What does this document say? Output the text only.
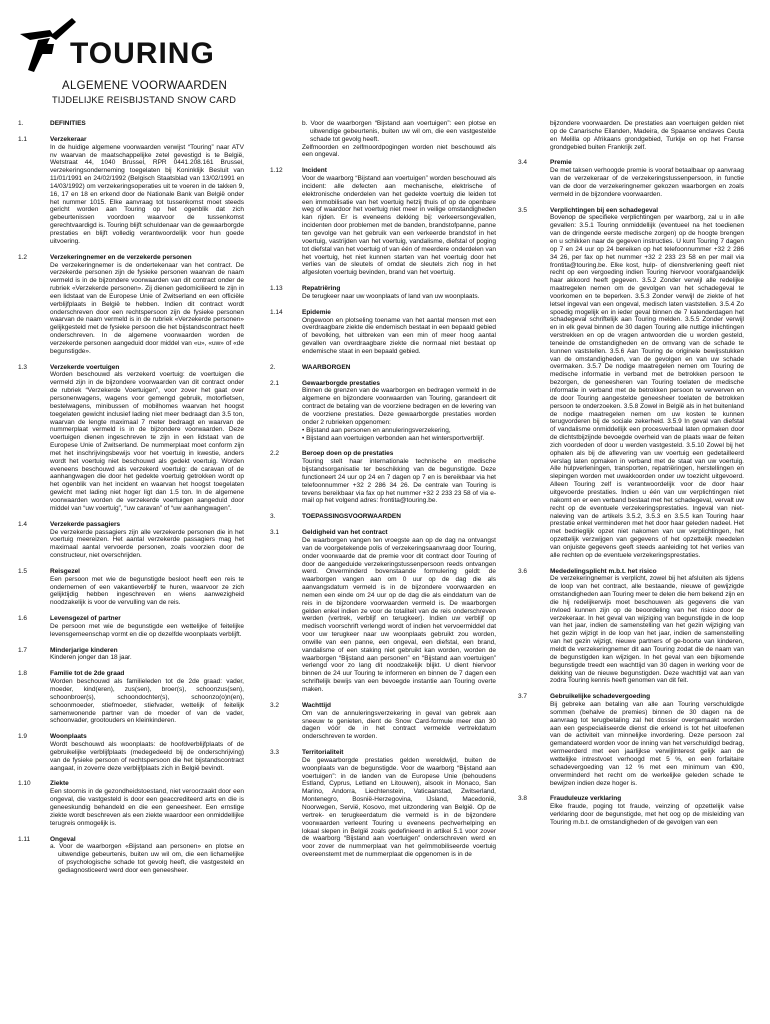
TOURING
ALGEMENE VOORWAARDEN
TIJDELIJKE REISBIJSTAND SNOW CARD
1.	DEFINITIES
1.1	Verzekeraar

In de huidige algemene voorwaarden verwijst “Touring” naar ATV nv waarvan de maatschappelijke zetel gevestigd is te België, Wetstraat 44, 1040 Brussel, RPR 0441.208.161 Brussel, verzekeringsonderneming toegelaten bij Koninklijk Besluit van 11/01/1991 en 24/02/1992 (Belgisch Staatsblad van 13/02/1991 en 14/03/1992) om verzekeringsoperaties uit te voeren in de takken 9, 16, 17 en 18 en erkend door de Nationale Bank van België onder het nummer 1015. Elke aanvraag tot tussenkomst moet steeds gericht worden aan Touring op het ogenblik dat zich gebeurtenissen voordoen waarvoor de tussenkomst gerechtvaardigd is. Touring blijft schuldenaar van de gewaarborgde prestaties en blijft volledig verantwoordelijk voor hun goede uitvoering.

1.2	Verzekeringnemer en de verzekerde personen

De verzekeringnemer is de ondertekenaar van het contract. De verzekerde personen zijn de fysieke personen waarvan de naam vermeld is in de bijzondere voorwaarden van dit contract onder de rubriek «Verzekerde personen». Zij dienen gedomicilieerd te zijn in een lidstaat van de Europese Unie of Zwitserland en een officiële verblijfplaats in België te hebben. Indien dit contract wordt onderschreven door een rechtspersoon zijn de fysieke personen waarvan de naam vermeld is in de rubriek «Verzekerde personen» gelijkgesteld met de fysieke persoon die het bijstandscontract heeft onderschreven. In de algemene voorwaarden worden de verzekerde personen aangeduid door middel van «u», «uw» of «de begunstigde».

1.3	Verzekerde voertuigen

Worden beschouwd als verzekerd voertuig: de voertuigen die vermeld zijn in de bijzondere voorwaarden van dit contract onder de rubriek “Verzekerde Voertuigen”, voor zover het gaat over personenwagens, wagens voor gemengd gebruik, motorfietsen, bestelwagens, minibussen of mobilhomes waarvan het hoogst toegelaten gewicht inclusief lading niet meer bedraagt dan 3.5 ton, waarvan de lengte maximaal 7 meter bedraagt en waarvan de nummerplaat vermeld is in de bijzondere voorwaarden. Deze voertuigen dienen ingeschreven te zijn in een lidstaat van de Europese Unie of Zwitserland. De nummerplaat moet conform zijn met het inschrijvingsbewijs voor het voertuig in kwestie, anders wordt het voertuig niet beschouwd als gedekt voertuig. Worden eveneens beschouwd als verzekerd voertuig: de caravan of de aanhangwagen die door het gedekte voertuig getrokken wordt op het ogenblik van het incident en waarvan het hoogst toegelaten gewicht met lading niet hoger ligt dan 1.5 ton. In de algemene voorwaarden worden de verzekerde voertuigen aangeduid door middel van “uw voertuig”, “uw caravan” of “uw aanhangwagen”.

1.4	Verzekerde passagiers

De verzekerde passagiers zijn alle verzekerde personen die in het voertuig meereizen. Het aantal verzekerde passagiers mag het maximaal aantal vervoerde personen, zoals voorzien door de constructeur, niet overschrijden.

1.5	Reisgezel

Een persoon met wie de begunstigde besloot heeft een reis te ondernemen of een vakantieverblijf te huren, waarvoor ze zich gelijktijdig hebben ingeschreven en wiens aanwezigheid noodzakelijk is voor de vervulling van de reis.

1.6	Levensgezel of partner

De persoon met wie de begunstigde een wettelijke of feitelijke levensgemeenschap vormt en die op dezelfde woonplaats verblijft.

1.7	Minderjarige kinderen

Kinderen jonger dan 18 jaar.

1.8	Familie tot de 2de graad

Worden beschouwd als familieleden tot de 2de graad: vader, moeder, kind(eren), zus(sen), broer(s), schoonzus(sen), schoonbroer(s), schoondochter(s), schoonzo(o)n(en), schoonmoeder, stiefmoeder, stiefvader, wettelijk of feitelijk samenwonende partner van de moeder of van de vader, schoonvader, grootouders en kleinkinderen.

1.9	Woonplaats

Wordt beschouwd als woonplaats: de hoofdverblijfplaats of de gebruikelijke verblijfplaats (medegedeeld bij de onderschrijving) van de fysieke persoon of rechtspersoon die het bijstandscontract aangaat, in zoverre deze verblijfplaats zich in België bevindt.

1.10	Ziekte

Een stoornis in de gezondheidstoestand, niet veroorzaakt door een ongeval, die vastgesteld is door een geaccrediteerd arts en die is geneeskundig behandeld en die een geneesheer. Een ernstige ziekte wordt beschreven als een ziekte waardoor een onmiddellijke terugreis onmogelijk is.

1.11	Ongeval

a. Voor de waarborgen «Bijstand aan personen» en plotse en uitwendige gebeurtenis, buiten uw wil om, die een lichamelijke of psychologische schade tot gevolg heeft, die vastgesteld en gediagnosticeerd werd door een geneesheer.

b. Voor de waarborgen “Bijstand aan voertuigen”: een plotse en uitwendige gebeurtenis, buiten uw wil om, die een vastgestelde schade tot gevolg heeft.

Zelfmoorden en zelfmoordpogingen worden niet beschouwd als een ongeval.

1.12	Incident

Voor de waarborg “Bijstand aan voertuigen” worden beschouwd als incident: alle defecten aan mechanische, elektrische of elektronische onderdelen van het gedekte voertuig die leiden tot een immobilisatie van het voertuig hetzij thuis of op de openbare weg of waardoor het voertuig niet meer in veilige omstandigheden kan rijden. Er is eveneens dekking bij: verkeersongevallen, incidenten door problemen met de banden, brandstofpanne, panne ten gevolge van het gebruik van een verkeerde brandstof in het voertuig, vastrijden van het voertuig, vandalisme, diefstal of poging tot diefstal van het voertuig of van één of meerdere onderdelen van het voertuig, het niet kunnen starten van het voertuig door het verlies van de sleutels of omdat de sleutels zich nog in het afgesloten voertuig bevinden, brand van het voertuig.

1.13	Repatriëring

De terugkeer naar uw woonplaats of land van uw woonplaats.

1.14	Epidemie

Ongewoon en plotseling toename van het aantal mensen met een overdraagbare ziekte die endemisch bestaat in een bepaald gebied of bevolking, het uitbreken van een min of meer hoog aantal gevallen van overdraagbare ziekte die normaal niet bestaat op endemische staat in een bepaald gebied.

2.	WAARBORGEN
2.1	Gewaarborgde prestaties

Binnen de grenzen van de waarborgen en bedragen vermeld in de algemene en bijzondere voorwaarden van Touring, garandeert dit contract de betaling van de voorziene bedragen en de levering van de voorziene prestaties. Deze gewaarborgde prestaties worden onder 2 rubrieken opgenomen:

• Bijstand aan personen en annuleringsverzekering,

• Bijstand aan voertuigen verbonden aan het wintersportverblijf.

2.2	Beroep doen op de prestaties

Touring stelt haar internationale technische en medische bijstandsorganisatie ter beschikking van de begunstigde. Deze functioneert 24 uur op 24 en 7 dagen op 7 en is bereikbaar via het telefoonnummer +32 2 286 34 26. De centrale van Touring is tevens bereikbaar via fax op het nummer +32 2 233 23 58 of via e-mail op het volgend adres: frontita@touring.be.

3.	TOEPASSINGSVOORWAARDEN
3.1	Geldigheid van het contract

De waarborgen vangen ten vroegste aan op de dag na ontvangst van de voorgetekende polis of verzekeringsaanvraag door Touring, onder voorwaarde dat de premie voor dit contract door Touring of door de aangeduide verzekeringstussenpersoon reeds ontvangen werd. Onverminderd bovenstaande formulering geldt: de waarborgen vangen aan om 0 uur op de dag die als aanvangsdatum vermeld is in de bijzondere voorwaarden en nemen een einde om 24 uur op de dag die als einddatum van de reis in de bijzondere voorwaarden vermeld is. De waarborgen gelden enkel indien ze voor de totaliteit van de reis onderschreven werden (vertrek, verblijf en terugkeer). Indien uw verblijf op medisch voorschrift verlengd wordt of indien het vervoermiddel dat voor uw terugkeer naar uw woonplaats gebruikt zou worden, onwille van een panne, een ongeval, een diefstal, een brand, vandalisme of een staking niet gebruikt kan worden, worden de waarborgen “Bijstand aan personen” en “Bijstand aan voertuigen” verlengd voor zo lang dit noodzakelijk blijkt. U dient hiervoor binnen de 24 uur Touring te informeren en binnen de 7 dagen een schriftelijk bewijs van een bevoegde instantie aan Touring overte maken.

3.2	Wachttijd

Om van de annuleringsverzekering in geval van gebrek aan sneeuw te genieten, dient de Snow Card-formule meer dan 30 dagen vóór de in het contract vermelde vertrekdatum onderschreven te worden.

3.3	Territorialiteit

De gewaarborgde prestaties gelden wereldwijd, buiten de woonplaats van de begunstigde. Voor de waarborg “Bijstand aan voertuigen”: in de landen van de Europese Unie (behoudens Estland, Cyprus, Letland en Litouwen), alsook in Monaco, San Marino, Andorra, Liechtenstein, Vaticaanstad, Zwitserland, Montenegro, Bosnië-Herzegovina, IJsland, Macedonië, Noorwegen, Servië, Kosovo, met uitzondering van België. Op de vertrek- en terugkeerdatum die vermeld is in de bijzondere voorwaarden verleent Touring u eveneens pechverhelping en lokaal slepen in België zoals gedefinieerd in artikel 5.1 voor zover de waarborg “Bijstand aan voertuigen” onderschreven werd en voor zover de nummerplaat van het geïmmobiliseerde voertuig overeenstemt met de nummerplaat die opgenomen is in de

bijzondere voorwaarden. De prestaties aan voertuigen gelden niet op de Canarische Eilanden, Madeira, de Spaanse enclaves Ceuta en Melilla op Afrikaans grondgebied, Turkije en op het Franse grondgebied buiten Frankrijk zelf.

3.4	Premie

De met taksen verhoogde premie is vooraf betaalbaar op aanvraag van de verzekeraar of de verzekeringstussenpersoon, in functie van de door de verzekeringnemer gekozen waarborgen en zoals vermeld in de bijzondere voorwaarden.

3.5	Verplichtingen bij een schadegeval

Bovenop de specifieke verplichtingen per waarborg, zal u in alle gevallen: 3.5.1 Touring onmiddellijk (eventueel na het toedienen van de dringende eerste medische zorgen) op de hoogte brengen en u schikken naar de gegeven instructies. U kunt Touring 7 dagen op 7 en 24 uur op 24 bereiken op het telefoonnummer +32 2 286 34 26, per fax op het nummer +32 2 233 23 58 en per mail via frontita@touring.be. Elke kost, hulp- of dienstverlening geeft niet recht op een vergoeding indien Touring hiervoor voorafgaandelijk haar akkoord heeft gegeven. 3.5.2 Zonder verwijl alle redelijke maatregelen nemen om de gevolgen van het schadegeval te voorkomen en te beperken. 3.5.3 Zonder verwijl de ziekte of het letsel ingeval van een ongeval, medisch laten vaststellen. 3.5.4 Zo spoedig mogelijk en in ieder geval binnen de 7 kalenderdagen het schadegeval schriftelijk aan Touring melden. 3.5.5 Zonder verwijl en in elk geval binnen de 30 dagen Touring alle nuttige inlichtingen verstrekken en op de vragen antwoorden die u worden gesteld, teneinde de omstandigheden en de omvang van de schade te kunnen vaststellen. 3.5.6 Aan Touring de originele bewijsstukken van de omstandigheden, van de gevolgen en van uw schade overmaken. 3.5.7 De nodige maatregelen nemen om Touring de medische informatie in verband met de betrokken persoon te bezorgen, de geneesheren van Touring toelaten de medische informatie in verband met de betrokken persoon te verwerven en de door Touring aangestelde geneesheer toelaten de betrokken persoon te onderzoeken. 3.5.8 Zowel in België als in het buitenland de nodige maatregelen nemen om uw kosten te kunnen terugvorderen bij de sociale zekerheid. 3.5.9 In geval van diefstal of vandalisme onmiddellijk een procesverbaal laten opmaken door de dichtstbijzijnde bevoegde overheid van de plaats waar de feiten zich voordeden of door u werden vastgesteld. 3.5.10 Zowel bij het ophalen als bij de aflevering van uw voertuig een gedetailleerd verslag laten opmaken in verband met de staat van uw voertuig. Alle hulpverleningen, transporten, repatriëringen, herstellingen en slepingen worden met uwakkoorden onder uw toezicht uitgevoerd. Alleen Touring zelf is verantwoordelijk voor de door haar uitgevoerde prestaties. Indien u één van uw verplichtingen niet nakomt en er een verband bestaat met het schadegeval, vervalt uw recht op de eventuele verzekeringsprestaties. Ingeval van niet-naleving van de artikels 3.5.2, 3.5.3 en 3.5.5 kan Touring haar prestatie enkel verminderen met het door haar geleden nadeel. Het met bedrieglijk opzet niet nakomen van uw verplichtingen, het opzettelijk verzwijgen van gegevens of het opzettelijk meedelen van onjuiste gegevens geeft steeds aanleiding tot het verlies van alle rechten op de eventuele verzekeringsprestaties.

3.6	Mededelingsplicht m.b.t. het risico

De verzekeringnemer is verplicht, zowel bij het afsluiten als tijdens de loop van het contract, alle bestaande, nieuwe of gewijzigde omstandigheden aan Touring meer te delen die hem bekend zijn en die hij redelijkerwijs moet beschouwen als gegevens die van invloed kunnen zijn op de beoordeling van het risico door de verzekeraar. In het geval van wijziging van begunstigde in de loop van het jaar, indien de samenstelling van het gezin wijziging van het gezin wijzigt in de loop van het jaar, indien de samenstelling van het gezin wijzigt, nieuwe partners of ge-boorte van kinderen, meldt de verzekeringnemer dit aan Touring zodat die de naam van de begunstigden kan wijzigen. In het geval van een bijkomende begunstigde treedt een wachttijd van 30 dagen in werking voor de dekking van de nieuwe begunstigden. Deze wachttijd vat aan van zodra Touring kennis heeft genomen van dit feit.

3.7	Gebruikelijke schadevergoeding

Bij gebreke aan betaling van alle aan Touring verschuldigde sommen (behalve de premies) binnen de 30 dagen na de aanvraag tot terugbetaling zal het dossier overgemaakt worden aan een gespecialiseerde dienst die erkend is tot het uitoefenen van de activiteit van minnelijke invordering. Deze persoon zal gemandateerd worden voor de inning van het verschuldigd bedrag, vermeerderd met een jaarlijkse verwijlinterest gelijk aan de wettelijke intrestvoet verhoogd met 5 %, en een forfaitaire schadevergoeding van 12 % met een minimum van €90, onverminderd het recht om de werkelijke geleden schade te bewijzen indien deze hoger is.

3.8	Frauduleuze verklaring

Elke fraude, poging tot fraude, veinzing of opzettelijk valse verklaring door de begunstigde, met het oog op de misleiding van Touring m.b.t. de omstandigheden of de gevolgen van een
